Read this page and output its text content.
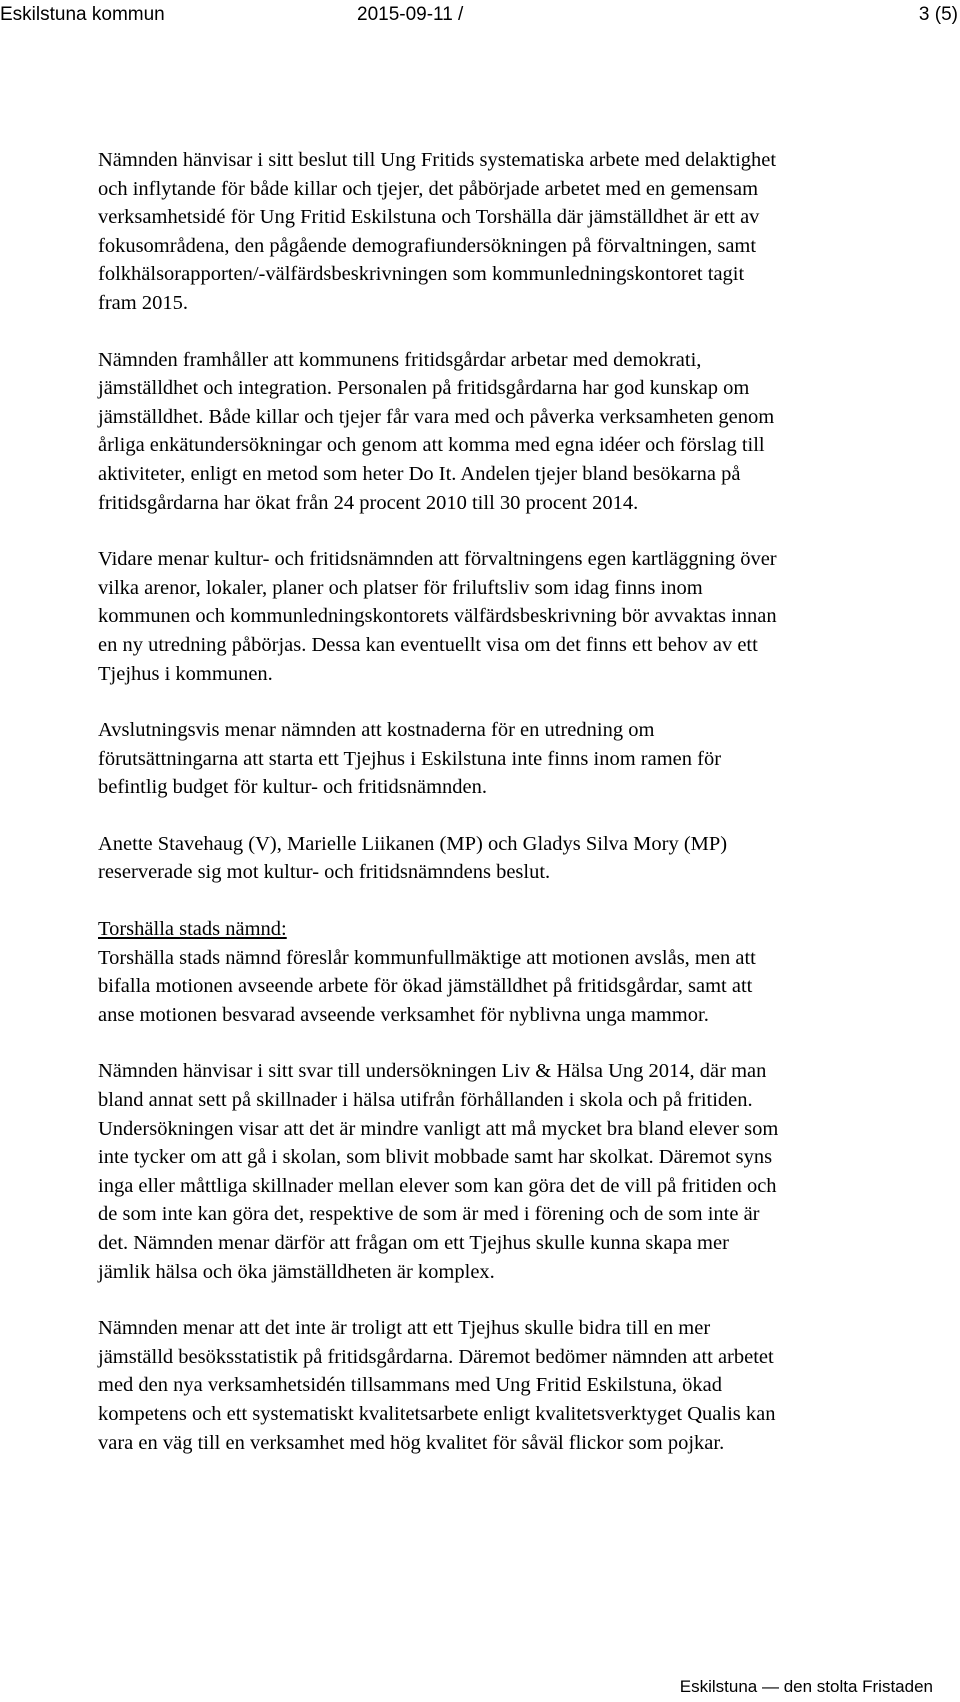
Eskilstuna kommun	2015-09-11 /	3 (5)

Nämnden hänvisar i sitt beslut till Ung Fritids systematiska arbete med delaktighet
och inflytande för både killar och tjejer, det påbörjade arbetet med en gemensam
verksamhetsidé för Ung Fritid Eskilstuna och Torshälla där jämställdhet är ett av
fokusområdena, den pågående demografiundersökningen på förvaltningen, samt
folkhälsorapporten/-välfärdsbeskrivningen som kommunledningskontoret tagit
fram 2015.

Nämnden framhåller att kommunens fritidsgårdar arbetar med demokrati,
jämställdhet och integration. Personalen på fritidsgårdarna har god kunskap om
jämställdhet. Både killar och tjejer får vara med och påverka verksamheten genom
årliga enkätundersökningar och genom att komma med egna idéer och förslag till
aktiviteter, enligt en metod som heter Do It. Andelen tjejer bland besökarna på
fritidsgårdarna har ökat från 24 procent 2010 till 30 procent 2014.

Vidare menar kultur- och fritidsnämnden att förvaltningens egen kartläggning över
vilka arenor, lokaler, planer och platser för friluftsliv som idag finns inom
kommunen och kommunledningskontorets välfärdsbeskrivning bör avvaktas innan
en ny utredning påbörjas. Dessa kan eventuellt visa om det finns ett behov av ett
Tjejhus i kommunen.

Avslutningsvis menar nämnden att kostnaderna för en utredning om
förutsättningarna att starta ett Tjejhus i Eskilstuna inte finns inom ramen för
befintlig budget för kultur- och fritidsnämnden.

Anette Stavehaug (V), Marielle Liikanen (MP) och Gladys Silva Mory (MP)
reserverade sig mot kultur- och fritidsnämndens beslut.

Torshälla stads nämnd:

Torshälla stads nämnd föreslår kommunfullmäktige att motionen avslås, men att
bifalla motionen avseende arbete för ökad jämställdhet på fritidsgårdar, samt att
anse motionen besvarad avseende verksamhet för nyblivna unga mammor.

Nämnden hänvisar i sitt svar till undersökningen Liv & Hälsa Ung 2014, där man
bland annat sett på skillnader i hälsa utifrån förhållanden i skola och på fritiden.
Undersökningen visar att det är mindre vanligt att må mycket bra bland elever som
inte tycker om att gå i skolan, som blivit mobbade samt har skolkat. Däremot syns
inga eller måttliga skillnader mellan elever som kan göra det de vill på fritiden och
de som inte kan göra det, respektive de som är med i förening och de som inte är
det. Nämnden menar därför att frågan om ett Tjejhus skulle kunna skapa mer
jämlik hälsa och öka jämställdheten är komplex.

Nämnden menar att det inte är troligt att ett Tjejhus skulle bidra till en mer
jämställd besöksstatistik på fritidsgårdarna. Däremot bedömer nämnden att arbetet
med den nya verksamhetsidén tillsammans med Ung Fritid Eskilstuna, ökad
kompetens och ett systematiskt kvalitetsarbete enligt kvalitetsverktyget Qualis kan
vara en väg till en verksamhet med hög kvalitet för såväl flickor som pojkar.

Eskilstuna — den stolta Fristaden
